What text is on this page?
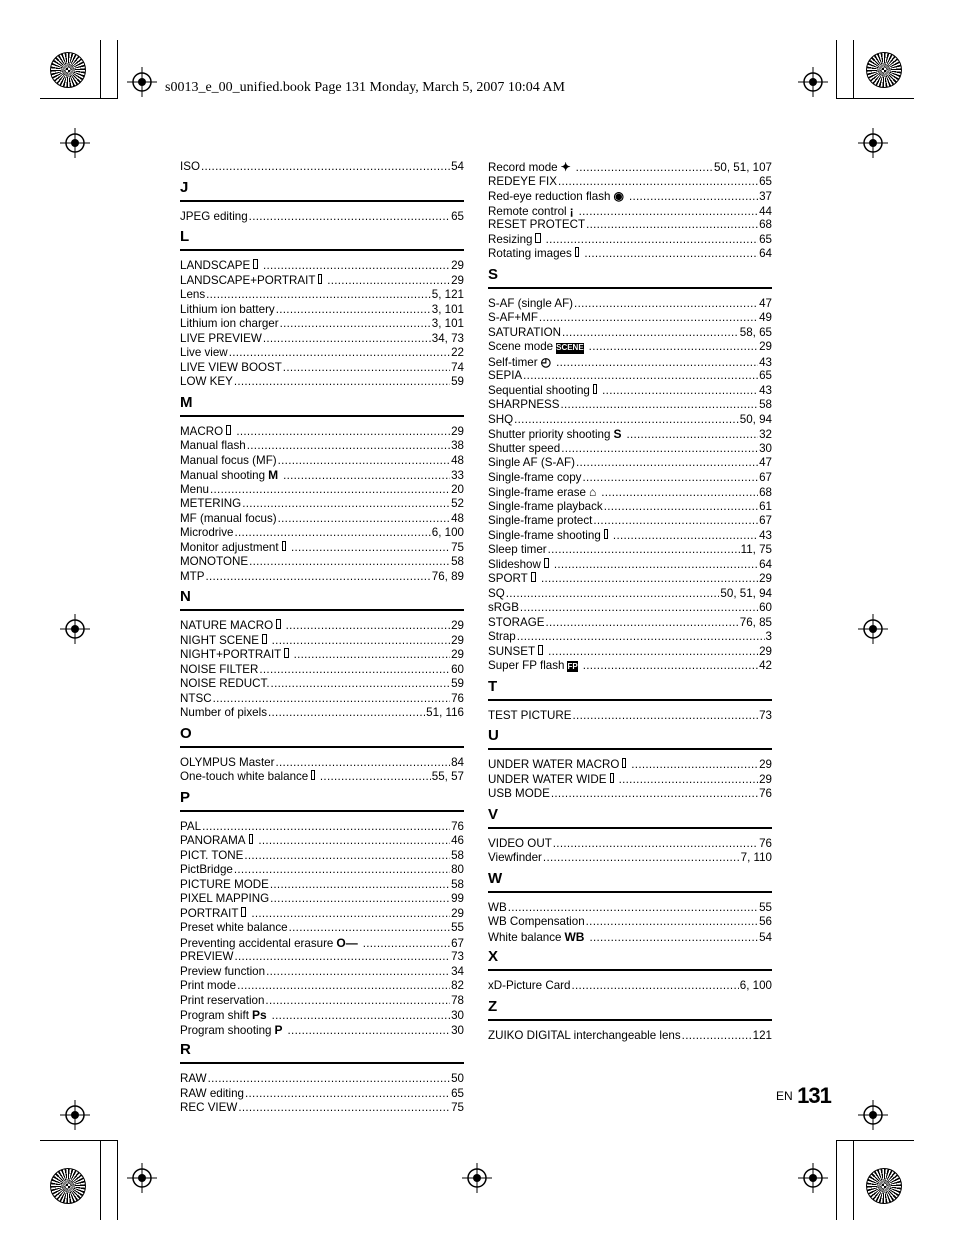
s0013_e_00_unified.book Page 131 Monday, March 5, 2007 10:04 AM
ISO .....	54
J
JPEG editing .....	65
L
LANDSCAPE .....	29
LANDSCAPE+PORTRAIT .....	29
Lens .....	5, 121
Lithium ion battery .....	3, 101
Lithium ion charger .....	3, 101
LIVE PREVIEW .....	34, 73
Live view .....	22
LIVE VIEW BOOST .....	74
LOW KEY .....	59
M
MACRO .....	29
Manual flash .....	38
Manual focus (MF) .....	48
Manual shooting M .....	33
Menu .....	20
METERING .....	52
MF (manual focus) .....	48
Microdrive .....	6, 100
Monitor adjustment .....	75
MONOTONE .....	58
MTP .....	76, 89
N
NATURE MACRO .....	29
NIGHT SCENE .....	29
NIGHT+PORTRAIT .....	29
NOISE FILTER .....	60
NOISE REDUCT. .....	59
NTSC .....	76
Number of pixels .....	51, 116
O
OLYMPUS Master .....	84
One-touch white balance .....	55, 57
P
PAL .....	76
PANORAMA .....	46
PICT. TONE .....	58
PictBridge .....	80
PICTURE MODE .....	58
PIXEL MAPPING .....	99
PORTRAIT .....	29
Preset white balance .....	55
Preventing accidental erasure O— .....	67
PREVIEW .....	73
Preview function .....	34
Print mode .....	82
Print reservation .....	78
Program shift Ps .....	30
Program shooting P .....	30
R
RAW .....	50
RAW editing .....	65
REC VIEW .....	75
Record mode ✦ .....	50, 51, 107
REDEYE FIX .....	65
Red-eye reduction flash ◉ .....	37
Remote control ¡ .....	44
RESET PROTECT .....	68
Resizing .....	65
Rotating images .....	64
S
S-AF (single AF) .....	47
S-AF+MF .....	49
SATURATION .....	58, 65
Scene mode SCENE .....	29
Self-timer ◴ .....	43
SEPIA .....	65
Sequential shooting .....	43
SHARPNESS .....	58
SHQ .....	50, 94
Shutter priority shooting S .....	32
Shutter speed .....	30
Single AF (S-AF) .....	47
Single-frame copy .....	67
Single-frame erase ⌂ .....	68
Single-frame playback .....	61
Single-frame protect .....	67
Single-frame shooting .....	43
Sleep timer .....	11, 75
Slideshow .....	64
SPORT .....	29
SQ .....	50, 51, 94
sRGB .....	60
STORAGE .....	76, 85
Strap .....	3
SUNSET .....	29
Super FP flash FP .....	42
T
TEST PICTURE .....	73
U
UNDER WATER MACRO .....	29
UNDER WATER WIDE .....	29
USB MODE .....	76
V
VIDEO OUT .....	76
Viewfinder .....	7, 110
W
WB .....	55
WB Compensation .....	56
White balance WB .....	54
X
xD-Picture Card .....	6, 100
Z
ZUIKO DIGITAL interchangeable lens .....	121
EN 131
